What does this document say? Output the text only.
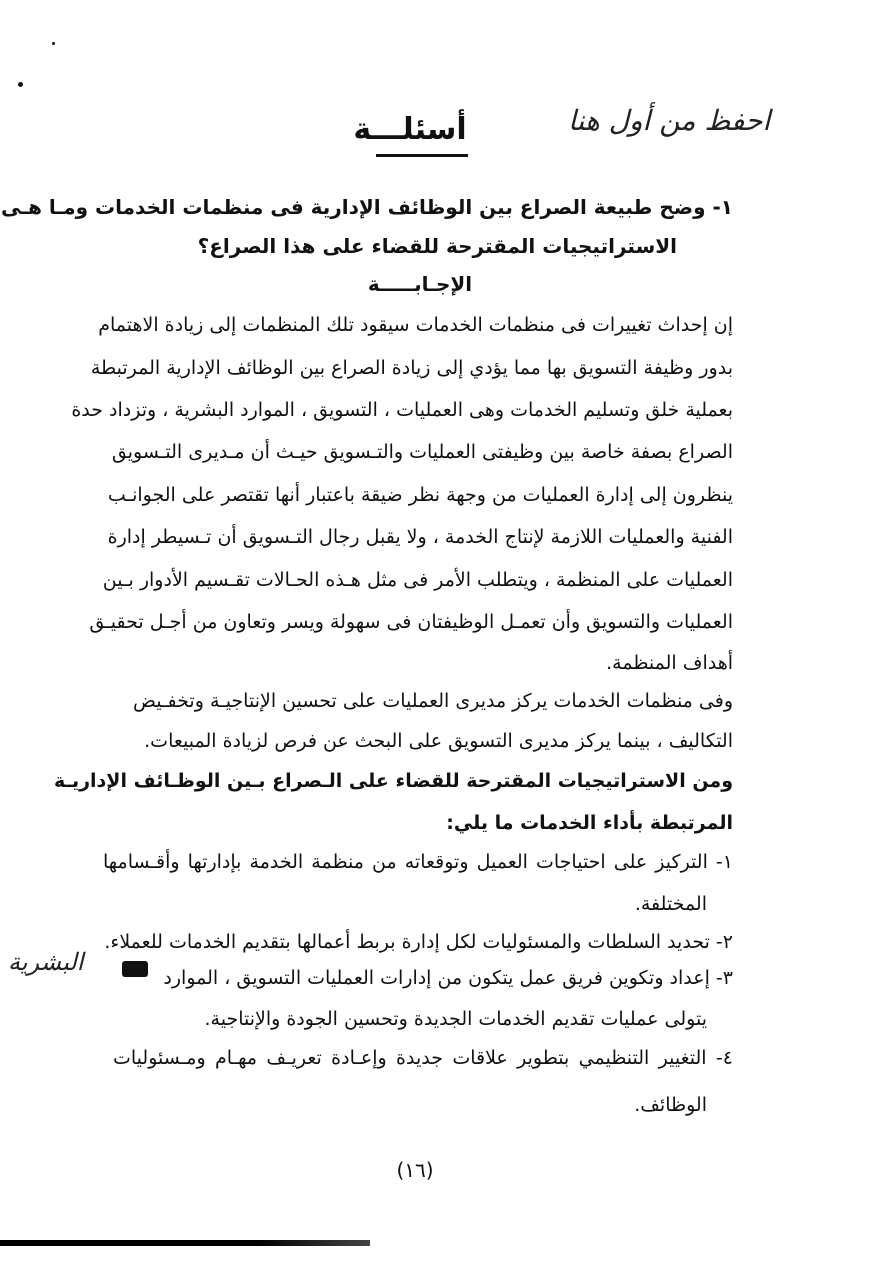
احفظ من أول هنا
أسئلـــة
١- وضح طبيعة الصراع بين الوظائف الإدارية فى منظمات الخدمات ومـا هـى
الاستراتيجيات المقترحة للقضاء على هذا الصراع؟
الإجـابـــــة
إن إحداث تغييرات فى منظمات الخدمات سيقود تلك المنظمات إلى زيادة الاهتمام
بدور وظيفة التسويق بها مما يؤدي إلى زيادة الصراع بين الوظائف الإدارية المرتبطة
بعملية خلق وتسليم الخدمات وهى العمليات ، التسويق ، الموارد البشرية ، وتزداد حدة
الصراع بصفة خاصة بين وظيفتى العمليات والتـسويق حيـث أن مـديرى التـسويق
ينظرون إلى إدارة العمليات من وجهة نظر ضيقة باعتبار أنها تقتصر على الجوانـب
الفنية والعمليات اللازمة لإنتاج الخدمة ، ولا يقبل رجال التـسويق أن تـسيطر إدارة
العمليات على المنظمة ، ويتطلب الأمر فى مثل هـذه الحـالات تقـسيم الأدوار بـين
العمليات والتسويق وأن تعمـل الوظيفتان فى سهولة ويسر وتعاون من أجـل تحقيـق
أهداف المنظمة.
وفى منظمات الخدمات يركز مديرى العمليات على تحسين الإنتاجيـة وتخفـيض
التكاليف ، بينما يركز مديرى التسويق على البحث عن فرص لزيادة المبيعات.
ومن الاستراتيجيات المقترحة للقضاء على الـصراع بـين الوظـائف الإداريـة
المرتبطة بأداء الخدمات ما يلي:
١- التركيز على احتياجات العميل وتوقعاته من منظمة الخدمة بإدارتها وأقـسامها
المختلفة.
٢- تحديد السلطات والمسئوليات لكل إدارة بربط أعمالها بتقديم الخدمات للعملاء.
٣- إعداد وتكوين فريق عمل يتكون من إدارات العمليات التسويق ، الموارد
البشرية
يتولى عمليات تقديم الخدمات الجديدة وتحسين الجودة والإنتاجية.
٤- التغيير التنظيمي بتطوير علاقات جديدة وإعـادة تعريـف مهـام ومـسئوليات
الوظائف.
(١٦)
